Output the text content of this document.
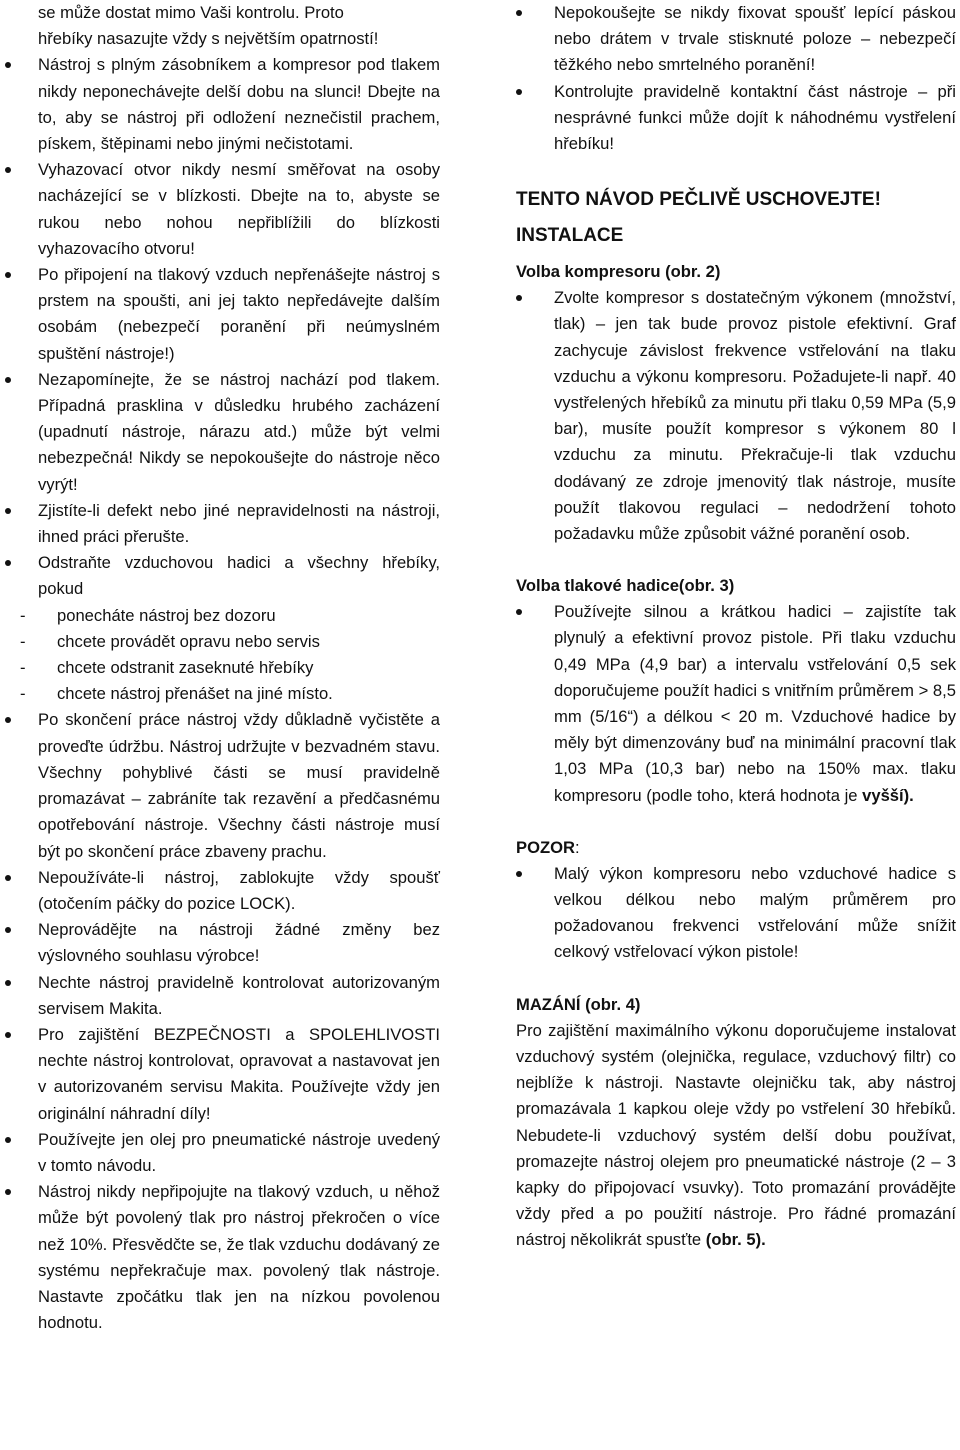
se může dostat mimo Vaši kontrolu. Proto

hřebíky nasazujte vždy s největším opatrností!

Nástroj s plným zásobníkem a kompresor pod tlakem nikdy neponechávejte delší dobu na slunci! Dbejte na to, aby se nástroj při odložení neznečistil prachem, pískem, štěpinami nebo jinými nečistotami.
Vyhazovací otvor nikdy nesmí směřovat na osoby nacházející se v blízkosti. Dbejte na to, abyste se rukou nebo nohou nepřiblížili do blízkosti vyhazovacího otvoru!
Po připojení na tlakový vzduch nepřenášejte nástroj s prstem na spoušti, ani jej takto nepředávejte dalším osobám (nebezpečí poranění při neúmyslném spuštění nástroje!)
Nezapomínejte, že se nástroj nachází pod tlakem. Případná prasklina v důsledku hrubého zacházení (upadnutí nástroje, nárazu atd.) může být velmi nebezpečná! Nikdy se nepokoušejte do nástroje něco vyrýt!
Zjistíte-li defekt nebo jiné nepravidelnosti na nástroji, ihned práci přerušte.
Odstraňte vzduchovou hadici a všechny hřebíky, pokud

- ponecháte nástroj bez dozoru

- chcete provádět opravu nebo servis

- chcete odstranit zaseknuté hřebíky

- chcete nástroj přenášet na jiné místo.

Po skončení práce nástroj vždy důkladně vyčistěte a proveďte údržbu. Nástroj udržujte v bezvadném stavu. Všechny pohyblivé části se musí pravidelně promazávat – zabráníte tak rezavění a předčasnému opotřebování nástroje. Všechny části nástroje musí být po skončení práce zbaveny prachu.
Nepoužíváte-li nástroj, zablokujte vždy spoušť (otočením páčky do pozice LOCK).
Neprovádějte na nástroji žádné změny bez výslovného souhlasu výrobce!
Nechte nástroj pravidelně kontrolovat autorizovaným servisem Makita.
Pro zajištění BEZPEČNOSTI a SPOLEHLIVOSTI nechte nástroj kontrolovat, opravovat a nastavovat jen v autorizovaném servisu Makita. Používejte vždy jen originální náhradní díly!
Používejte jen olej pro pneumatické nástroje uvedený v tomto návodu.
Nástroj nikdy nepřipojujte na tlakový vzduch, u něhož může být povolený tlak pro nástroj překročen o více než 10%. Přesvědčte se, že tlak vzduchu dodávaný ze systému nepřekračuje max. povolený tlak nástroje. Nastavte zpočátku tlak jen na nízkou povolenou hodnotu.
Nepokoušejte se nikdy fixovat spoušť lepící páskou nebo drátem v trvale stisknuté poloze – nebezpečí těžkého nebo smrtelného poranění!
Kontrolujte pravidelně kontaktní část nástroje – při nesprávné funkci může dojít k náhodnému vystřelení hřebíku!
TENTO NÁVOD PEČLIVĚ USCHOVEJTE!
INSTALACE
Volba kompresoru (obr. 2)
Zvolte kompresor s dostatečným výkonem (množství, tlak) – jen tak bude provoz pistole efektivní. Graf zachycuje závislost frekvence vstřelování na tlaku vzduchu a výkonu kompresoru. Požadujete-li např. 40 vystřelených hřebíků za minutu při tlaku 0,59 MPa (5,9 bar), musíte použít kompresor s výkonem 80 l vzduchu za minutu. Překračuje-li tlak vzduchu dodávaný ze zdroje jmenovitý tlak nástroje, musíte použít tlakovou regulaci – nedodržení tohoto požadavku může způsobit vážné poranění osob.
Volba tlakové hadice(obr. 3)
Používejte silnou a krátkou hadici – zajistíte tak plynulý a efektivní provoz pistole. Při tlaku vzduchu 0,49 MPa (4,9 bar) a intervalu vstřelování 0,5 sek doporučujeme použít hadici s vnitřním průměrem > 8,5 mm (5/16“) a délkou < 20 m. Vzduchové hadice by měly být dimenzovány buď na minimální pracovní tlak 1,03 MPa (10,3 bar) nebo na 150% max. tlaku kompresoru (podle toho, která hodnota je vyšší).
POZOR:
Malý výkon kompresoru nebo vzduchové hadice s velkou délkou nebo malým průměrem pro požadovanou frekvenci vstřelování může snížit celkový vstřelovací výkon pistole!
MAZÁNÍ (obr. 4)

Pro zajištění maximálního výkonu doporučujeme instalovat vzduchový systém (olejnička, regulace, vzduchový filtr) co nejblíže k nástroji. Nastavte olejničku tak, aby nástroj promazávala 1 kapkou oleje vždy po vstřelení 30 hřebíků. Nebudete-li vzduchový systém delší dobu používat, promazejte nástroj olejem pro pneumatické nástroje (2 – 3 kapky do připojovací vsuvky). Toto promazání provádějte vždy před a po použití nástroje. Pro řádné promazání nástroj několikrát spusťte (obr. 5).
